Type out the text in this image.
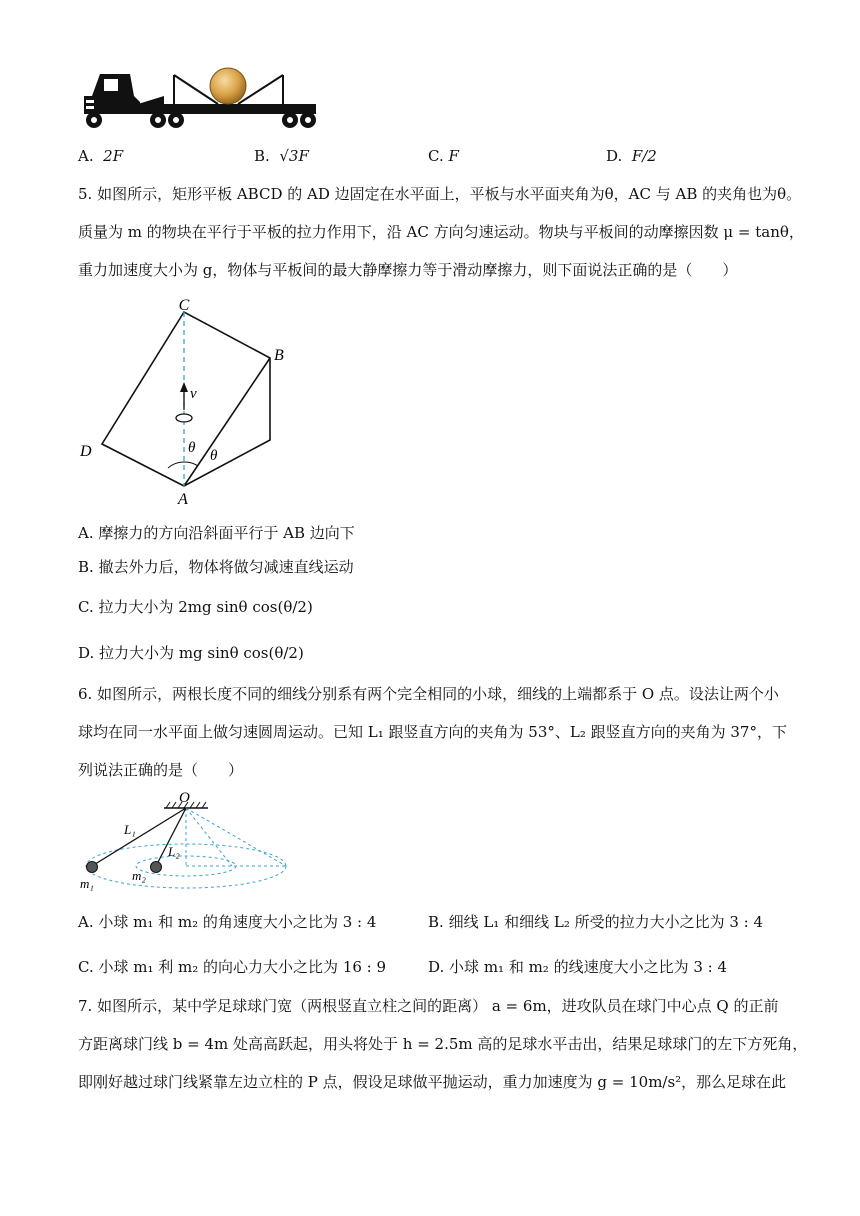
A. 2F	B. √3F	C. F	D. F/2
5. 如图所示，矩形平板 ABCD 的 AD 边固定在水平面上，平板与水平面夹角为θ，AC 与 AB 的夹角也为θ。
质量为 m 的物块在平行于平板的拉力作用下，沿 AC 方向匀速运动。物块与平板间的动摩擦因数 μ = tanθ，
重力加速度大小为 g，物体与平板间的最大静摩擦力等于滑动摩擦力，则下面说法正确的是（　　）
C
B
D
A
v
θ θ
A. 摩擦力的方向沿斜面平行于 AB 边向下
B. 撤去外力后，物体将做匀减速直线运动
C. 拉力大小为 2mg sinθ cos(θ/2)
D. 拉力大小为 mg sinθ cos(θ/2)
6. 如图所示，两根长度不同的细线分别系有两个完全相同的小球，细线的上端都系于 O 点。设法让两个小
球均在同一水平面上做匀速圆周运动。已知 L₁ 跟竖直方向的夹角为 53°、L₂ 跟竖直方向的夹角为 37°，下
列说法正确的是（　　）
O
L₁
L₂
m₁
m₂
A. 小球 m₁ 和 m₂ 的角速度大小之比为 3 : 4	B. 细线 L₁ 和细线 L₂ 所受的拉力大小之比为 3 : 4
C. 小球 m₁ 利 m₂ 的向心力大小之比为 16 : 9	D. 小球 m₁ 和 m₂ 的线速度大小之比为 3 : 4
7. 如图所示，某中学足球球门宽（两根竖直立柱之间的距离） a = 6m，进攻队员在球门中心点 Q 的正前
方距离球门线 b = 4m 处高高跃起，用头将处于 h = 2.5m 高的足球水平击出，结果足球球门的左下方死角，
即刚好越过球门线紧靠左边立柱的 P 点，假设足球做平抛运动，重力加速度为 g = 10m/s²，那么足球在此
